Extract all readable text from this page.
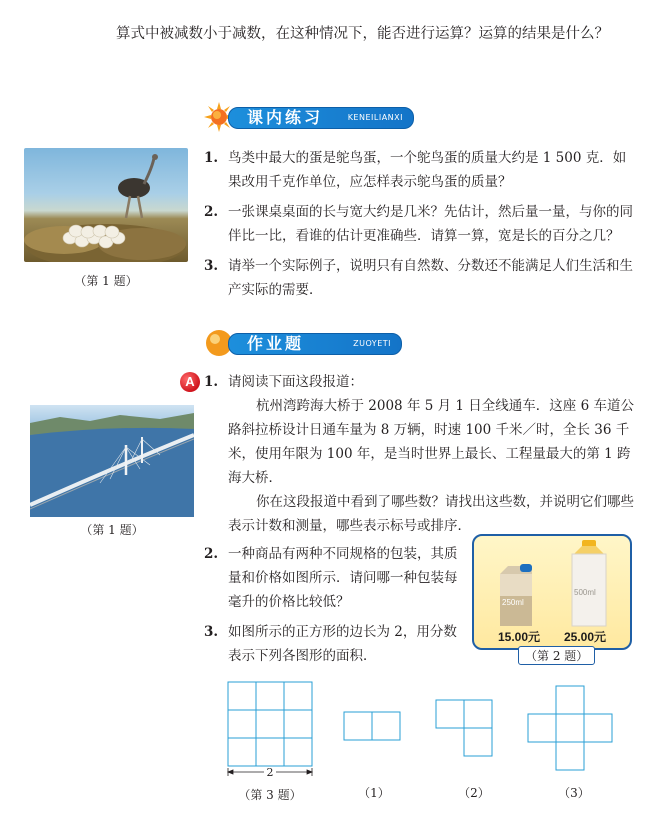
算式中被减数小于减数，在这种情况下，能否进行运算？运算的结果是什么？
课内练习	KENEILIANXI
（第 1 题）
1. 鸟类中最大的蛋是鸵鸟蛋，一个鸵鸟蛋的质量大约是 1 500 克．如果改用千克作单位，应怎样表示鸵鸟蛋的质量？
2. 一张课桌桌面的长与宽大约是几米？先估计，然后量一量，与你的同伴比一比，看谁的估计更准确些．请算一算，宽是长的百分之几？
3. 请举一个实际例子，说明只有自然数、分数还不能满足人们生活和生产实际的需要．
作业题	ZUOYETI
A 1. 请阅读下面这段报道：
杭州湾跨海大桥于 2008 年 5 月 1 日全线通车．这座 6 车道公路斜拉桥设计日通车量为 8 万辆，时速 100 千米／时，全长 36 千米，使用年限为 100 年，是当时世界上最长、工程量最大的第 1 跨海大桥．
你在这段报道中看到了哪些数？请找出这些数，并说明它们哪些表示计数和测量，哪些表示标号或排序．
（第 1 题）
2. 一种商品有两种不同规格的包装，其质量和价格如图所示．请问哪一种包装每毫升的价格比较低？
3. 如图所示的正方形的边长为 2，用分数表示下列各图形的面积．
250ml
500ml
15.00元 25.00元
（第 2 题）
2
（第 3 题）	（1）	（2）	（3）
